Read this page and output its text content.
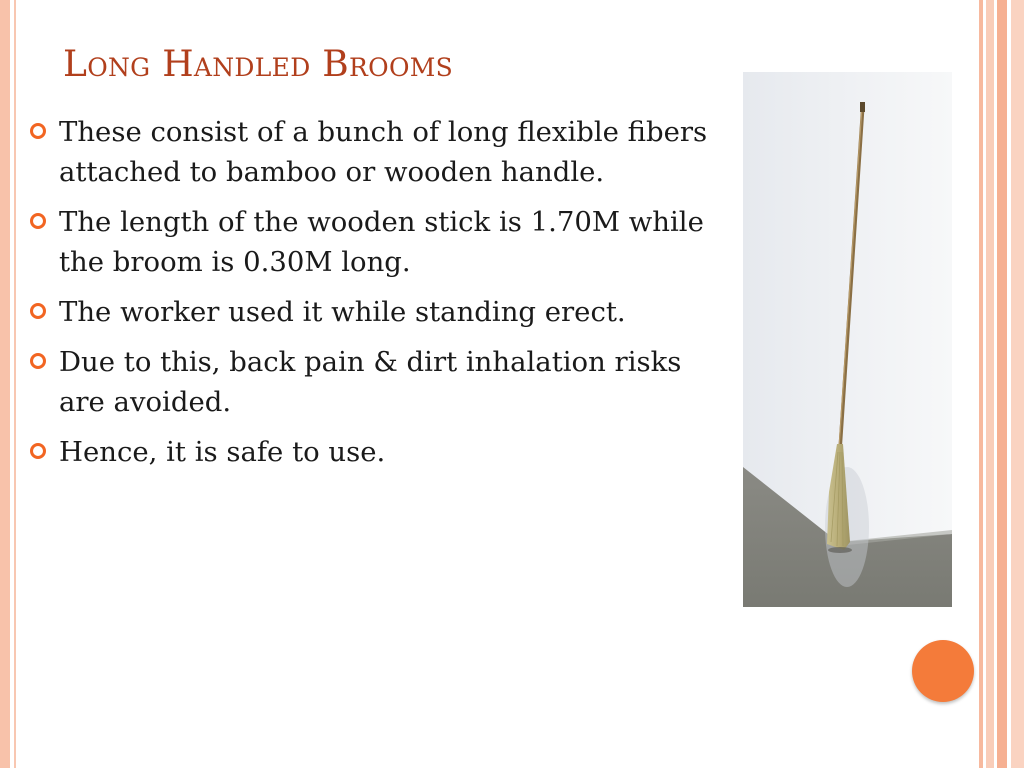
Long Handled Brooms
These consist of a bunch of long flexible fibers attached to bamboo or wooden handle.
The length of the wooden stick is 1.70M while the broom is 0.30M long.
The worker used it while standing erect.
Due to this, back pain & dirt inhalation risks are avoided.
Hence, it is safe to use.
